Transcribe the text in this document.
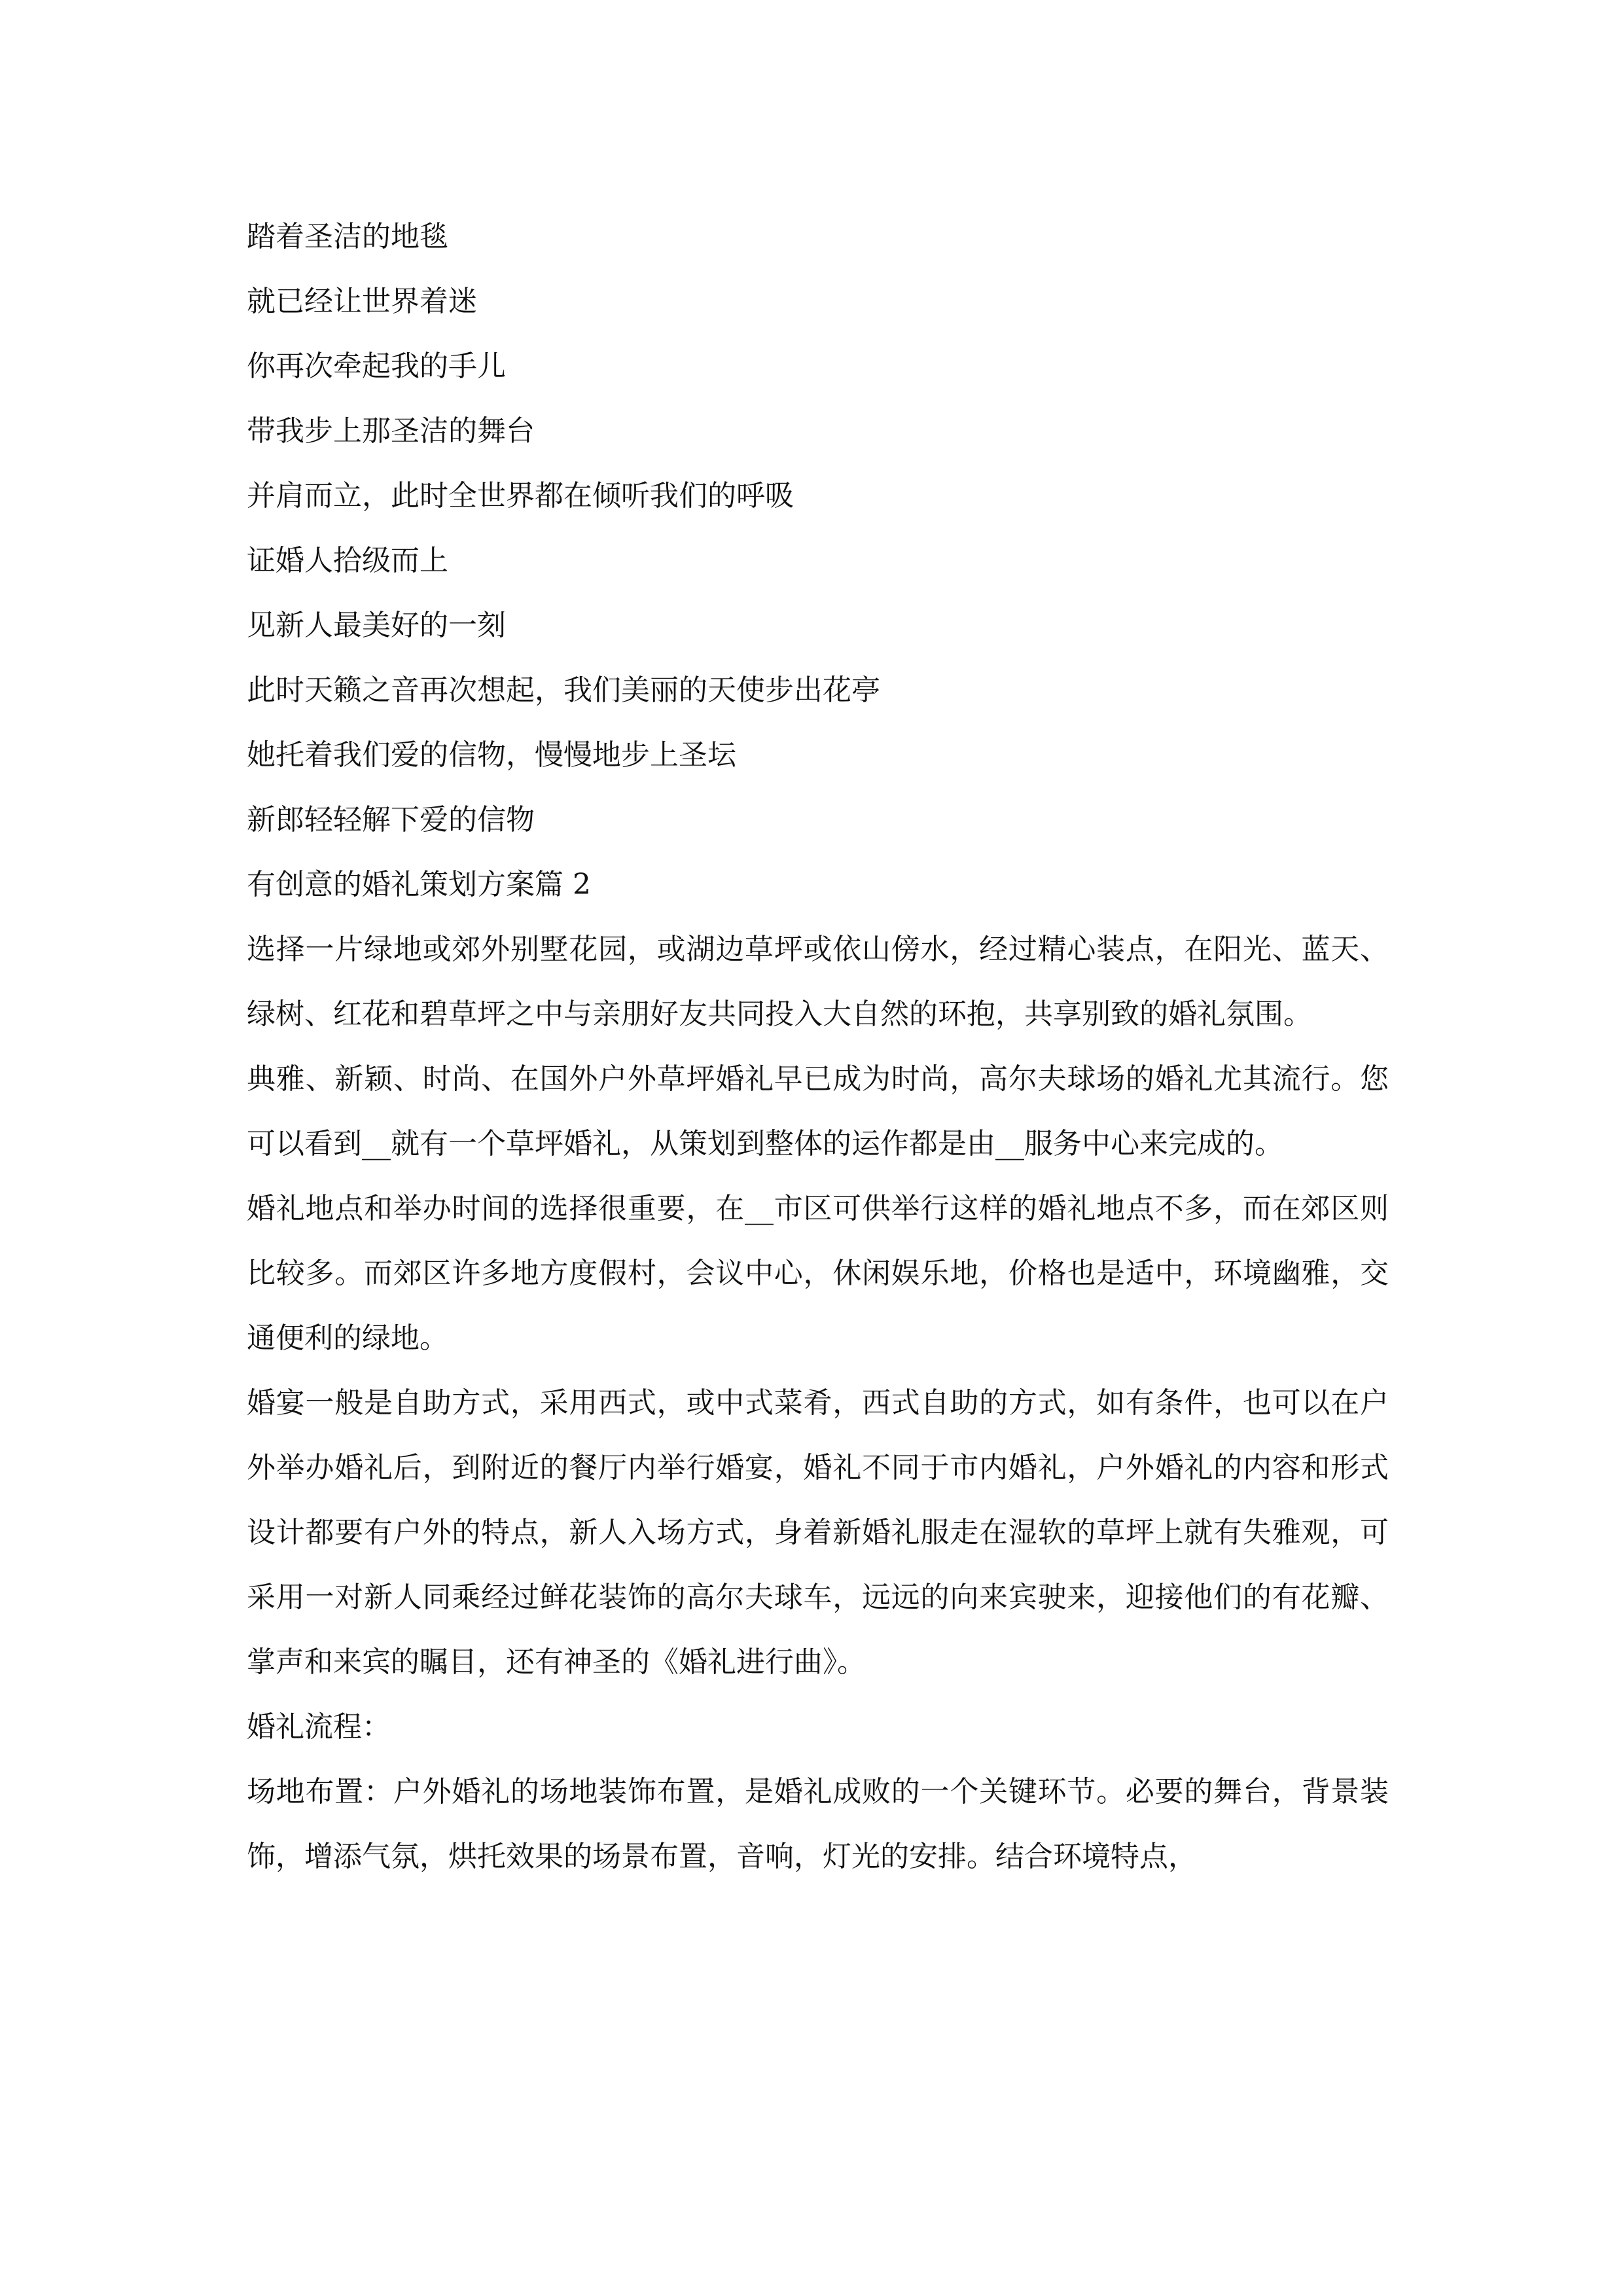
踏着圣洁的地毯

就已经让世界着迷

你再次牵起我的手儿

带我步上那圣洁的舞台

并肩而立，此时全世界都在倾听我们的呼吸

证婚人拾级而上

见新人最美好的一刻

此时天籁之音再次想起，我们美丽的天使步出花亭

她托着我们爱的信物，慢慢地步上圣坛

新郎轻轻解下爱的信物

有创意的婚礼策划方案篇 2

选择一片绿地或郊外别墅花园，或湖边草坪或依山傍水，经过精心装点，在阳光、蓝天、绿树、红花和碧草坪之中与亲朋好友共同投入大自然的环抱，共享别致的婚礼氛围。

典雅、新颖、时尚、在国外户外草坪婚礼早已成为时尚，高尔夫球场的婚礼尤其流行。您可以看到__就有一个草坪婚礼，从策划到整体的运作都是由__服务中心来完成的。

婚礼地点和举办时间的选择很重要，在__市区可供举行这样的婚礼地点不多，而在郊区则比较多。而郊区许多地方度假村，会议中心，休闲娱乐地，价格也是适中，环境幽雅，交通便利的绿地。

婚宴一般是自助方式，采用西式，或中式菜肴，西式自助的方式，如有条件，也可以在户外举办婚礼后，到附近的餐厅内举行婚宴，婚礼不同于市内婚礼，户外婚礼的内容和形式设计都要有户外的特点，新人入场方式，身着新婚礼服走在湿软的草坪上就有失雅观，可采用一对新人同乘经过鲜花装饰的高尔夫球车，远远的向来宾驶来，迎接他们的有花瓣、掌声和来宾的瞩目，还有神圣的《婚礼进行曲》。

婚礼流程：

场地布置：户外婚礼的场地装饰布置，是婚礼成败的一个关键环节。必要的舞台，背景装饰，增添气氛，烘托效果的场景布置，音响，灯光的安排。结合环境特点，
